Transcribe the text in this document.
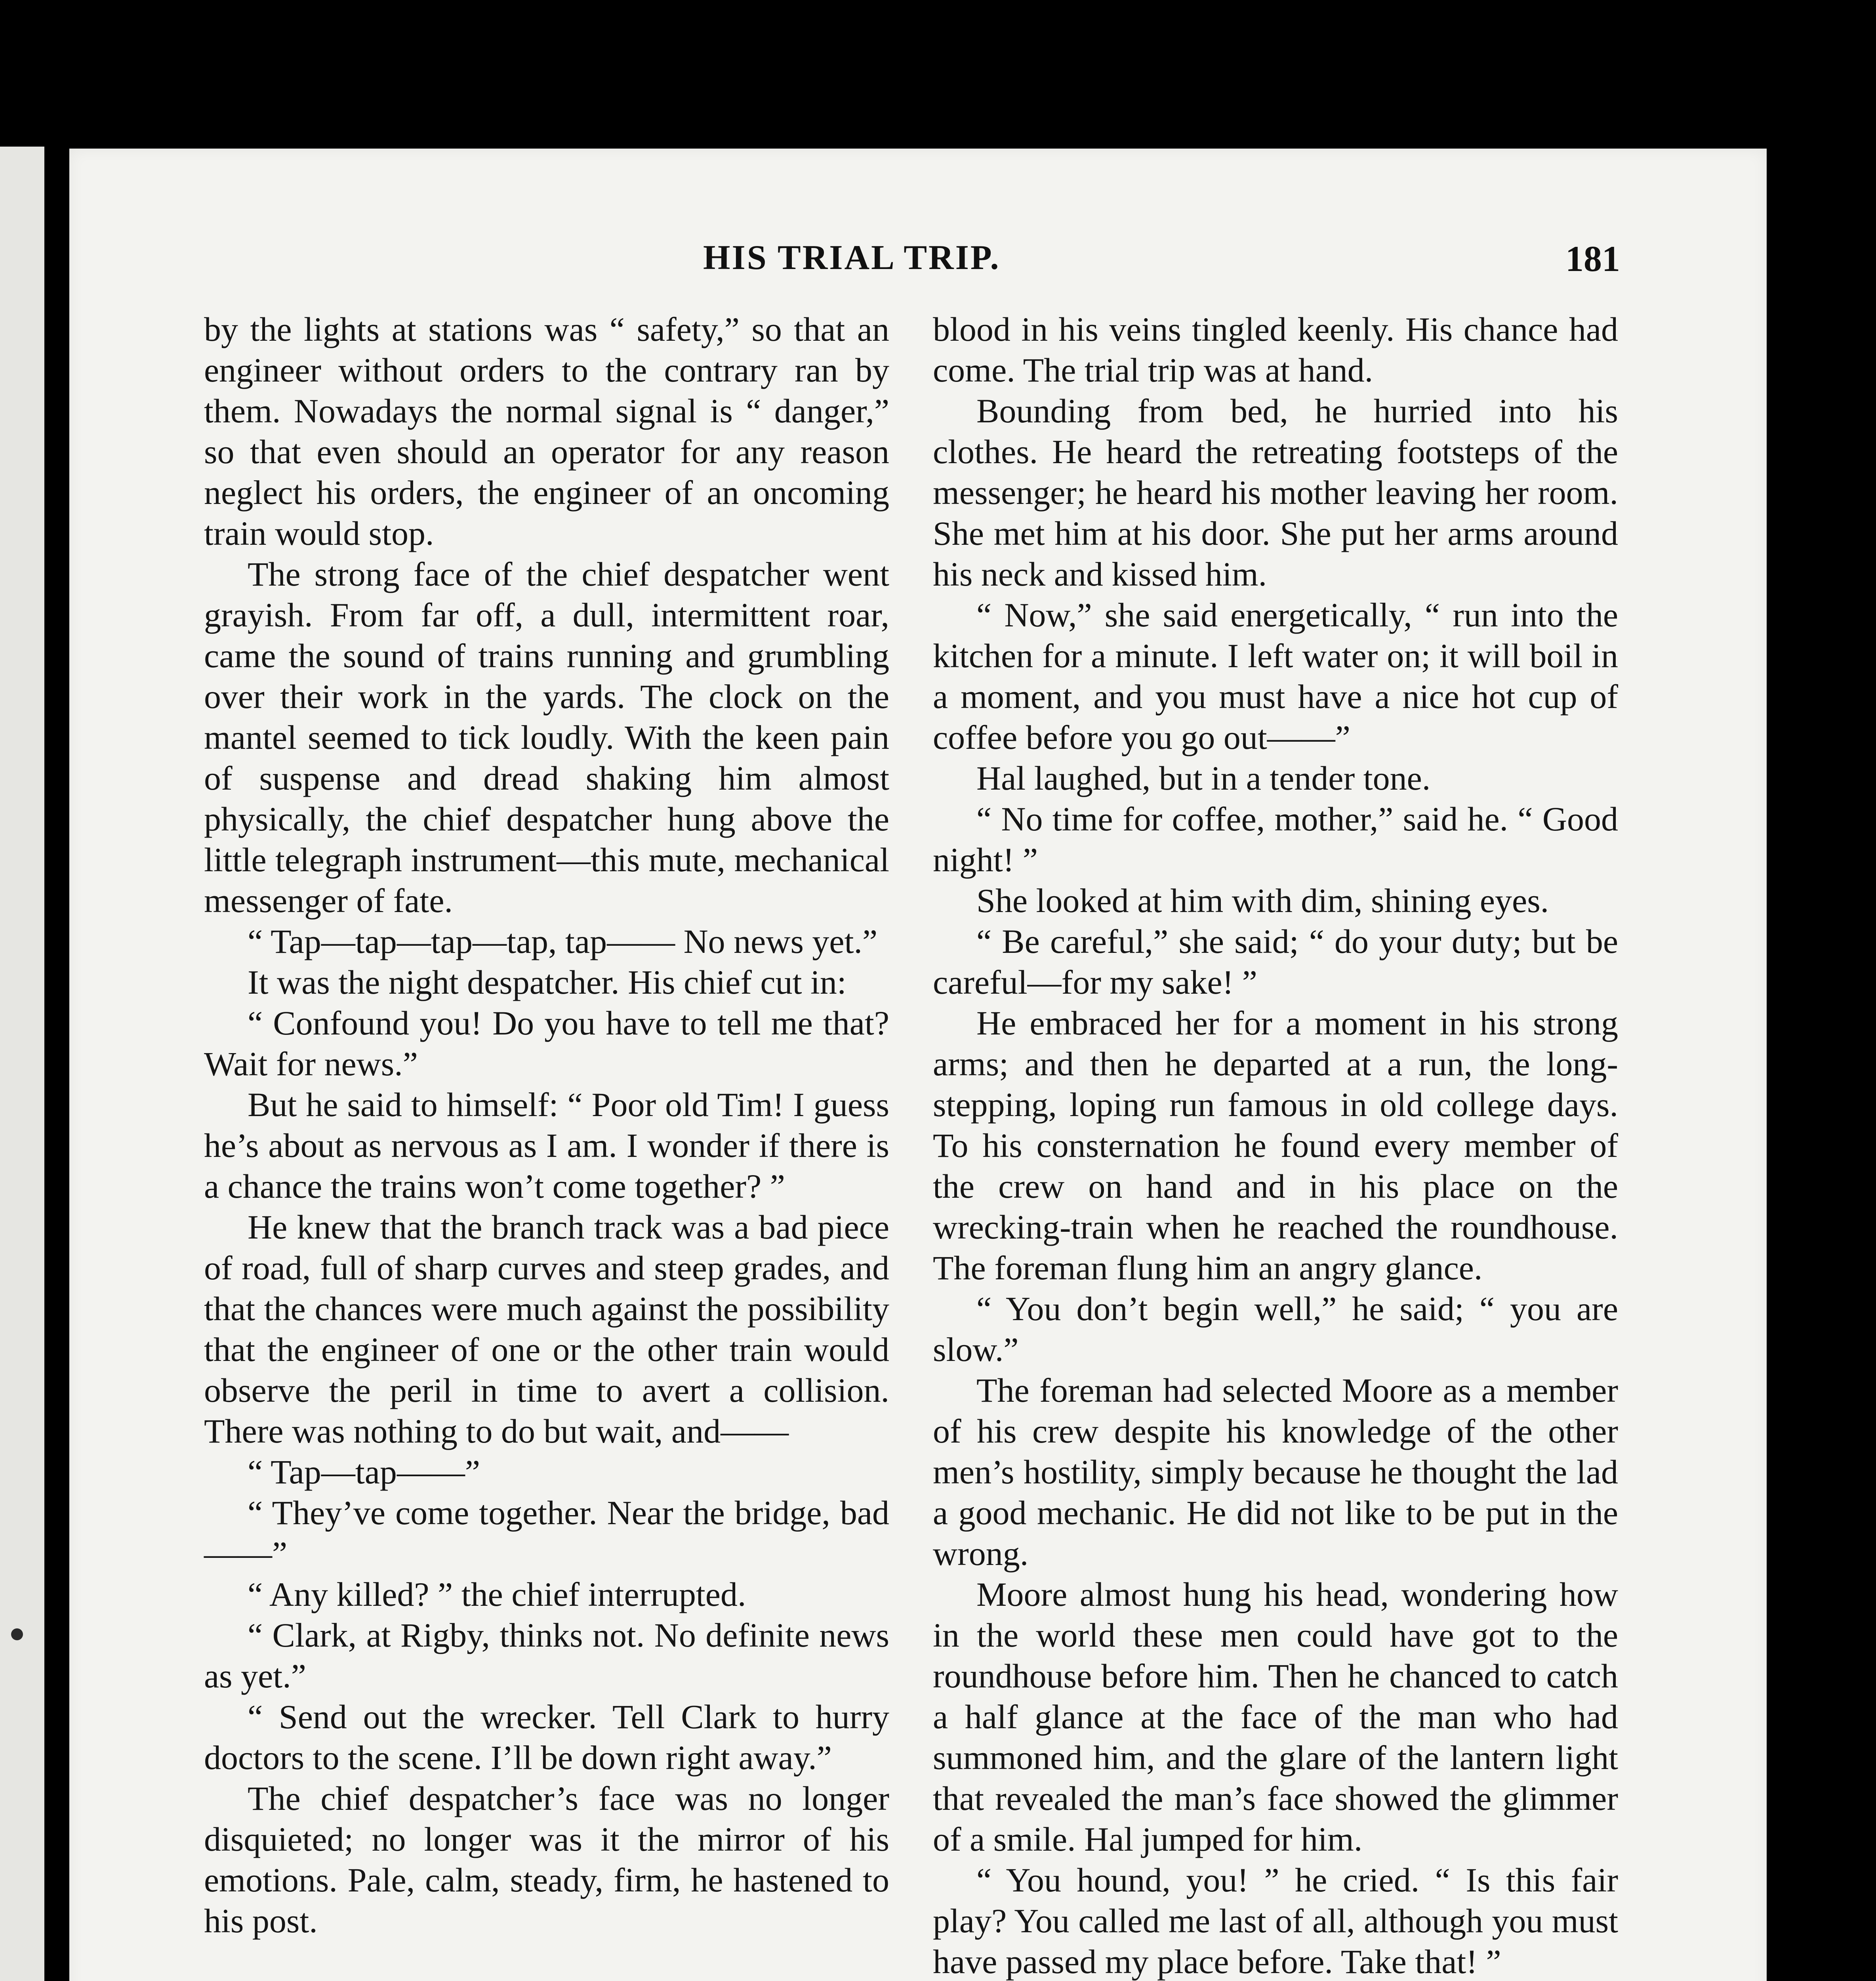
HIS TRIAL TRIP.	181

by the lights at stations was “ safety,” so that an engineer without orders to the contrary ran by them. Nowadays the normal signal is “ danger,” so that even should an operator for any reason neglect his orders, the engineer of an oncoming train would stop.

The strong face of the chief despatcher went grayish. From far off, a dull, intermittent roar, came the sound of trains running and grumbling over their work in the yards. The clock on the mantel seemed to tick loudly. With the keen pain of suspense and dread shaking him almost physically, the chief despatcher hung above the little telegraph instrument—this mute, mechanical messenger of fate.

“ Tap—tap—tap—tap, tap—— No news yet.”

It was the night despatcher. His chief cut in:

“ Confound you! Do you have to tell me that? Wait for news.”

But he said to himself: “ Poor old Tim! I guess he’s about as nervous as I am. I wonder if there is a chance the trains won’t come together? ”

He knew that the branch track was a bad piece of road, full of sharp curves and steep grades, and that the chances were much against the possibility that the engineer of one or the other train would observe the peril in time to avert a collision. There was nothing to do but wait, and——

“ Tap—tap——”

“ They’ve come together. Near the bridge, bad——”

“ Any killed? ” the chief interrupted.

“ Clark, at Rigby, thinks not. No definite news as yet.”

“ Send out the wrecker. Tell Clark to hurry doctors to the scene. I’ll be down right away.”

The chief despatcher’s face was no longer disquieted; no longer was it the mirror of his emotions. Pale, calm, steady, firm, he hastened to his post.

blood in his veins tingled keenly. His chance had come. The trial trip was at hand.

Bounding from bed, he hurried into his clothes. He heard the retreating footsteps of the messenger; he heard his mother leaving her room. She met him at his door. She put her arms around his neck and kissed him.

“ Now,” she said energetically, “ run into the kitchen for a minute. I left water on; it will boil in a moment, and you must have a nice hot cup of coffee before you go out——”

Hal laughed, but in a tender tone.

“ No time for coffee, mother,” said he. “ Good night! ”

She looked at him with dim, shining eyes.

“ Be careful,” she said; “ do your duty; but be careful—for my sake! ”

He embraced her for a moment in his strong arms; and then he departed at a run, the long-stepping, loping run famous in old college days. To his consternation he found every member of the crew on hand and in his place on the wrecking-train when he reached the roundhouse. The foreman flung him an angry glance.

“ You don’t begin well,” he said; “ you are slow.”

The foreman had selected Moore as a member of his crew despite his knowledge of the other men’s hostility, simply because he thought the lad a good mechanic. He did not like to be put in the wrong.

Moore almost hung his head, wondering how in the world these men could have got to the roundhouse before him. Then he chanced to catch a half glance at the face of the man who had summoned him, and the glare of the lantern light that revealed the man’s face showed the glimmer of a smile. Hal jumped for him.

“ You hound, you! ” he cried. “ Is this fair play? You called me last of all, although you must have passed my place before. Take that! ”
